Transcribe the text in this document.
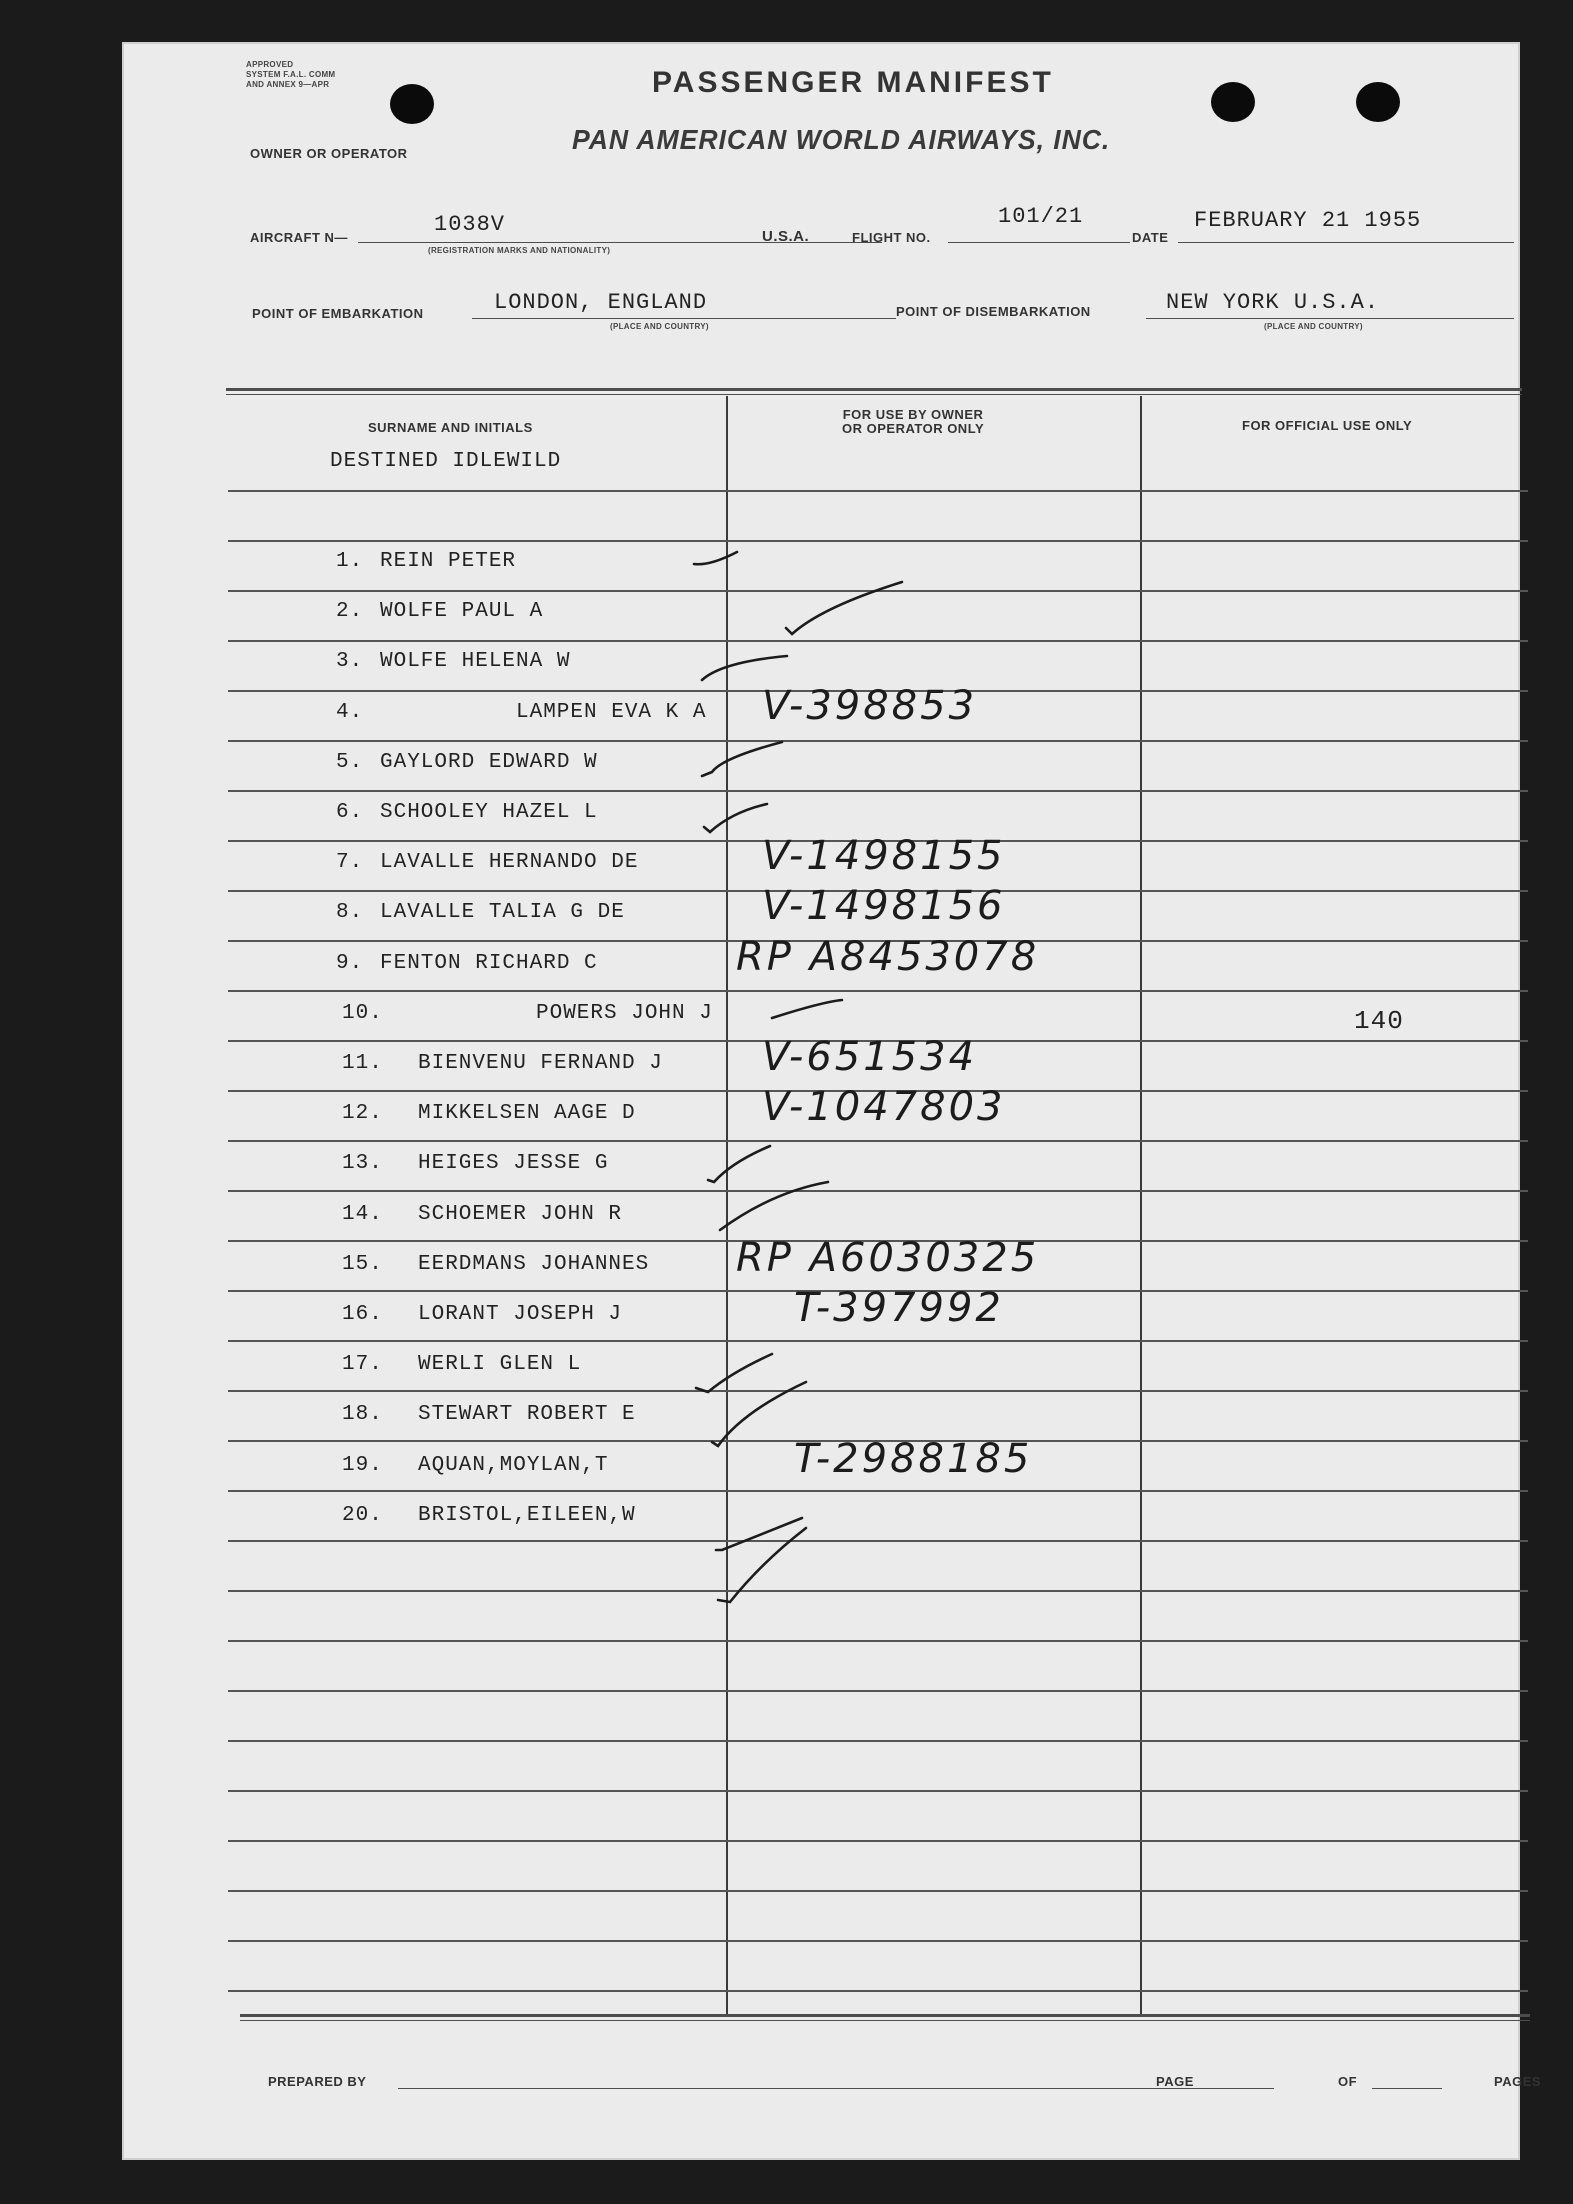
APPROVED
SYSTEM F.A.L. COMM
AND ANNEX 9—APR	PASSENGER MANIFEST
PAN AMERICAN WORLD AIRWAYS, INC.
OWNER OR OPERATOR
AIRCRAFT N—
1038V
(REGISTRATION MARKS AND NATIONALITY)
U.S.A.	FLIGHT NO.
101/21
DATE
FEBRUARY 21 1955
POINT OF EMBARKATION	LONDON, ENGLAND
(PLACE AND COUNTRY)
POINT OF DISEMBARKATION	NEW YORK U.S.A.
(PLACE AND COUNTRY)
SURNAME AND INITIALS
FOR USE BY OWNER
OR OPERATOR ONLY	FOR OFFICIAL USE ONLY
DESTINED IDLEWILD
1. REIN PETER
2. WOLFE PAUL A
3. WOLFE HELENA W
4.	LAMPEN EVA K A V-398853
5. GAYLORD EDWARD W
6. SCHOOLEY HAZEL L
7. LAVALLE HERNANDO DE	V-1498155
8. LAVALLE TALIA G DE	V-1498156
9. FENTON RICHARD C	RP A8453078
10.	POWERS JOHN J	140
11. BIENVENU FERNAND J V-651534
12. MIKKELSEN AAGE D	V-1047803
13. HEIGES JESSE G
14. SCHOEMER JOHN R
15. EERDMANS JOHANNES RP A6030325
16. LORANT JOSEPH J	T-397992
17. WERLI GLEN L
18. STEWART ROBERT E
19. AQUAN,MOYLAN,T	T-2988185
20. BRISTOL,EILEEN,W
PREPARED BY	PAGE	OF	PAGES
